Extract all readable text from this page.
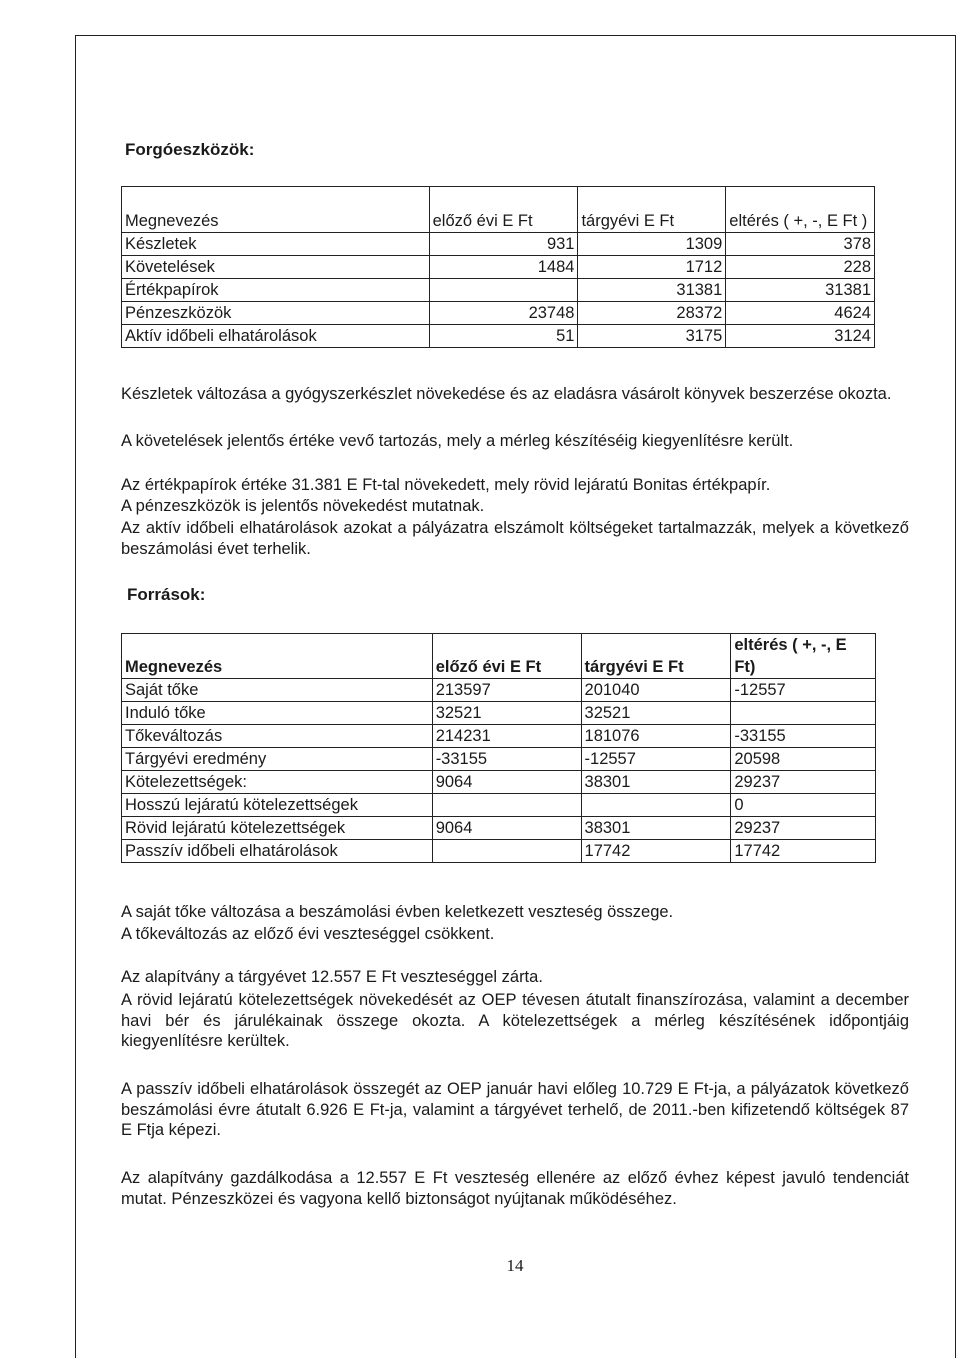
Forgóeszközök:
Megnevezés	előző évi E Ft	tárgyévi E Ft	eltérés ( +, -, E Ft )
Készletek	931	1309	378
Követelések	1484	1712	228
Értékpapírok		31381	31381
Pénzeszközök	23748	28372	4624
Aktív időbeli elhatárolások	51	3175	3124

Készletek változása a gyógyszerkészlet növekedése és az eladásra vásárolt könyvek beszerzése okozta.

A követelések jelentős értéke vevő tartozás, mely a mérleg készítéséig kiegyenlítésre került.

Az értékpapírok értéke 31.381 E Ft-tal növekedett, mely rövid lejáratú Bonitas értékpapír.

A pénzeszközök is jelentős növekedést mutatnak.

Az aktív időbeli elhatárolások azokat a pályázatra elszámolt költségeket tartalmazzák, melyek a következő beszámolási évet terhelik.

Források:
Megnevezés	előző évi E Ft	tárgyévi E Ft	eltérés ( +, -, E Ft)
Saját tőke	213597	201040	-12557
Induló tőke	32521	32521	
Tőkeváltozás	214231	181076	-33155
Tárgyévi eredmény	-33155	-12557	20598
Kötelezettségek:	9064	38301	29237
Hosszú lejáratú kötelezettségek			0
Rövid lejáratú kötelezettségek	9064	38301	29237
Passzív időbeli elhatárolások		17742	17742

A saját tőke változása a beszámolási évben keletkezett veszteség összege.

A tőkeváltozás az előző évi veszteséggel csökkent.

Az alapítvány a tárgyévet 12.557 E Ft veszteséggel zárta.

A rövid lejáratú kötelezettségek növekedését az OEP tévesen átutalt finanszírozása, valamint a december havi bér és járulékainak összege okozta. A kötelezettségek a mérleg készítésének időpontjáig kiegyenlítésre kerültek.

A passzív időbeli elhatárolások összegét az OEP január havi előleg 10.729 E Ft-ja, a pályázatok következő beszámolási évre átutalt 6.926 E Ft-ja, valamint a tárgyévet terhelő, de 2011.-ben kifizetendő költségek 87 E Ftja képezi.

Az alapítvány gazdálkodása a 12.557 E Ft veszteség ellenére az előző évhez képest javuló tendenciát mutat. Pénzeszközei és vagyona kellő biztonságot nyújtanak működéséhez.

14
